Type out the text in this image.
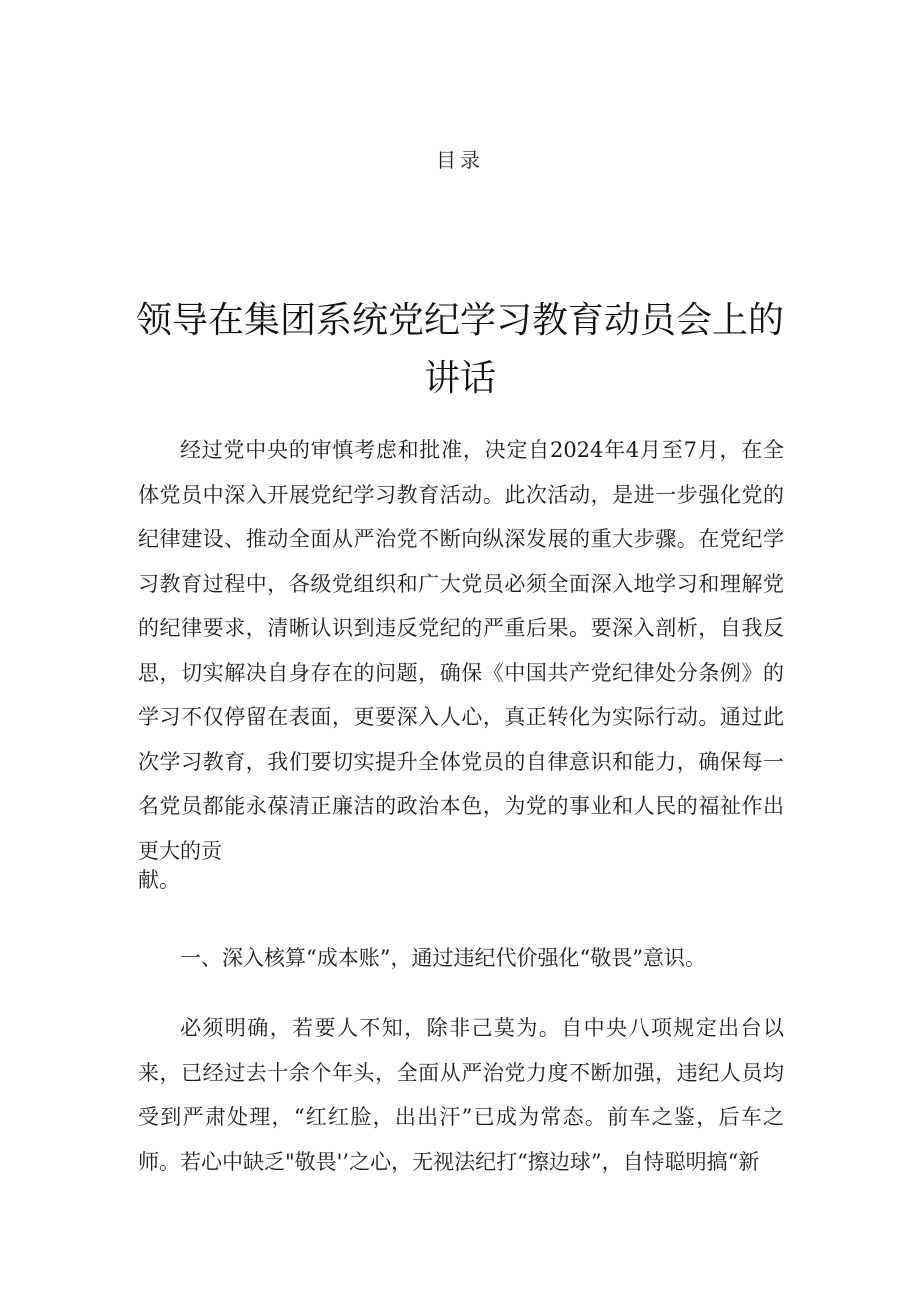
目录
领导在集团系统党纪学习教育动员会上的讲话
经过党中央的审慎考虑和批准，决定自2024年4月至7月，在全体党员中深入开展党纪学习教育活动。此次活动，是进一步强化党的纪律建设、推动全面从严治党不断向纵深发展的重大步骤。在党纪学习教育过程中，各级党组织和广大党员必须全面深入地学习和理解党的纪律要求，清晰认识到违反党纪的严重后果。要深入剖析，自我反思，切实解决自身存在的问题，确保《中国共产党纪律处分条例》的学习不仅停留在表面，更要深入人心，真正转化为实际行动。通过此次学习教育，我们要切实提升全体党员的自律意识和能力，确保每一名党员都能永葆清正廉洁的政治本色，为党的事业和人民的福祉作出更大的贡
献。
一、深入核算“成本账”，通过违纪代价强化“敬畏”意识。
必须明确，若要人不知，除非己莫为。自中央八项规定出台以来，已经过去十余个年头，全面从严治党力度不断加强，违纪人员均受到严肃处理，“红红脸，出出汗”已成为常态。前车之鉴，后车之师。若心中缺乏"敬畏'’之心，无视法纪打“擦边球”，自恃聪明搞“新
